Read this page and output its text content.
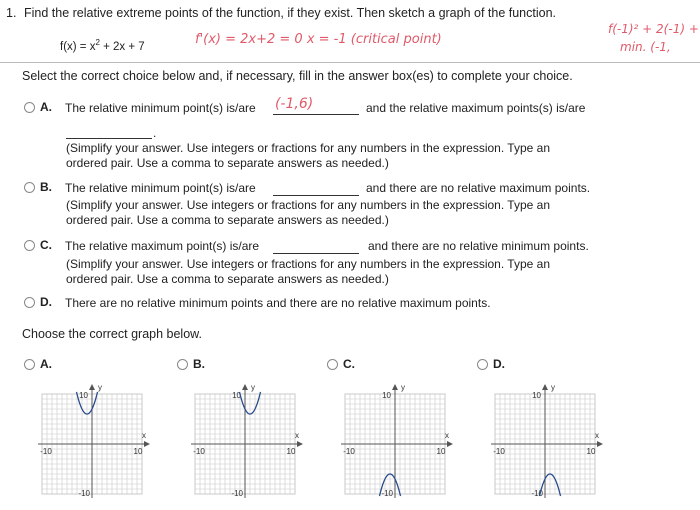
1. Find the relative extreme points of the function, if they exist. Then sketch a graph of the function.
$f(x) = x^2 + 2x + 7$	f'(x) = 2x+2 = 0 x = -1 (critical point)
f(-1)² + 2(-1) +
min. (-1,
Select the correct choice below and, if necessary, fill in the answer box(es) to complete your choice.
A. The relative minimum point(s) is/are (-1,6)	and the relative maximum points(s) is/are
.
(Simplify your answer. Use integers or fractions for any numbers in the expression. Type an
ordered pair. Use a comma to separate answers as needed.)
B. The relative minimum point(s) is/are	and there are no relative maximum points.
(Simplify your answer. Use integers or fractions for any numbers in the expression. Type an
ordered pair. Use a comma to separate answers as needed.)
C. The relative maximum point(s) is/are	and there are no relative minimum points.
(Simplify your answer. Use integers or fractions for any numbers in the expression. Type an
ordered pair. Use a comma to separate answers as needed.)
D. There are no relative minimum points and there are no relative maximum points.
Choose the correct graph below.
A.	B.	C.	D.
y
x
10
-10
-10	10
y
x
10
-10
-10	10
y
x
10
-10
-10	10
y
x
10
-10
-10	10
